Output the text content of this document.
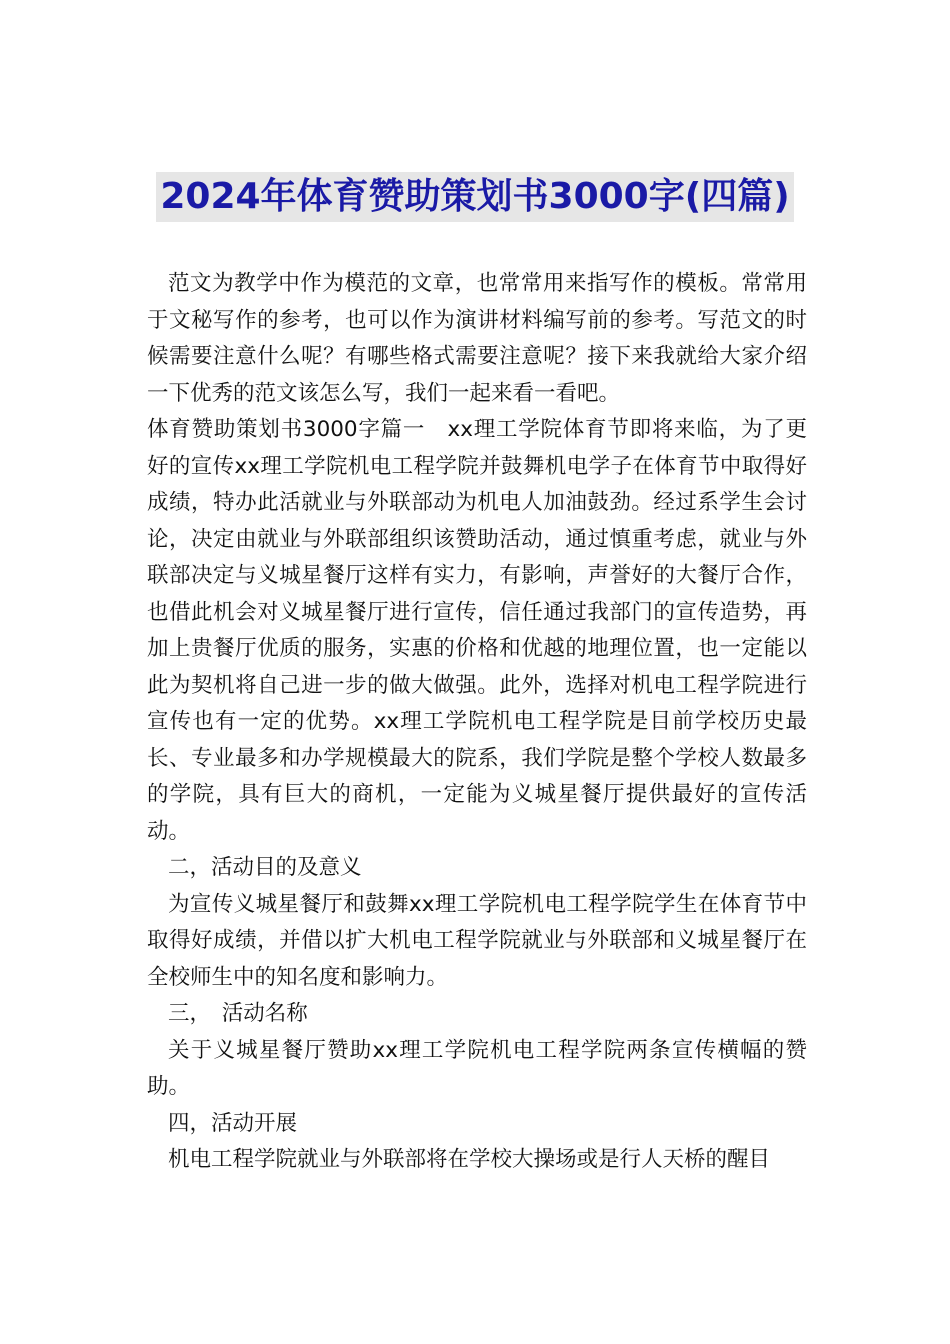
2024年体育赞助策划书3000字(四篇)

范文为教学中作为模范的文章，也常常用来指写作的模板。常常用于文秘写作的参考，也可以作为演讲材料编写前的参考。写范文的时候需要注意什么呢？有哪些格式需要注意呢？接下来我就给大家介绍一下优秀的范文该怎么写，我们一起来看一看吧。

体育赞助策划书3000字篇一　xx理工学院体育节即将来临，为了更好的宣传xx理工学院机电工程学院并鼓舞机电学子在体育节中取得好成绩，特办此活就业与外联部动为机电人加油鼓劲。经过系学生会讨论，决定由就业与外联部组织该赞助活动，通过慎重考虑，就业与外联部决定与义城星餐厅这样有实力，有影响，声誉好的大餐厅合作，也借此机会对义城星餐厅进行宣传，信任通过我部门的宣传造势，再加上贵餐厅优质的服务，实惠的价格和优越的地理位置，也一定能以此为契机将自己进一步的做大做强。此外，选择对机电工程学院进行宣传也有一定的优势。xx理工学院机电工程学院是目前学校历史最长、专业最多和办学规模最大的院系，我们学院是整个学校人数最多的学院，具有巨大的商机，一定能为义城星餐厅提供最好的宣传活动。

二，活动目的及意义

为宣传义城星餐厅和鼓舞xx理工学院机电工程学院学生在体育节中取得好成绩，并借以扩大机电工程学院就业与外联部和义城星餐厅在全校师生中的知名度和影响力。

三，　活动名称

关于义城星餐厅赞助xx理工学院机电工程学院两条宣传横幅的赞助。

四，活动开展

机电工程学院就业与外联部将在学校大操场或是行人天桥的醒目
